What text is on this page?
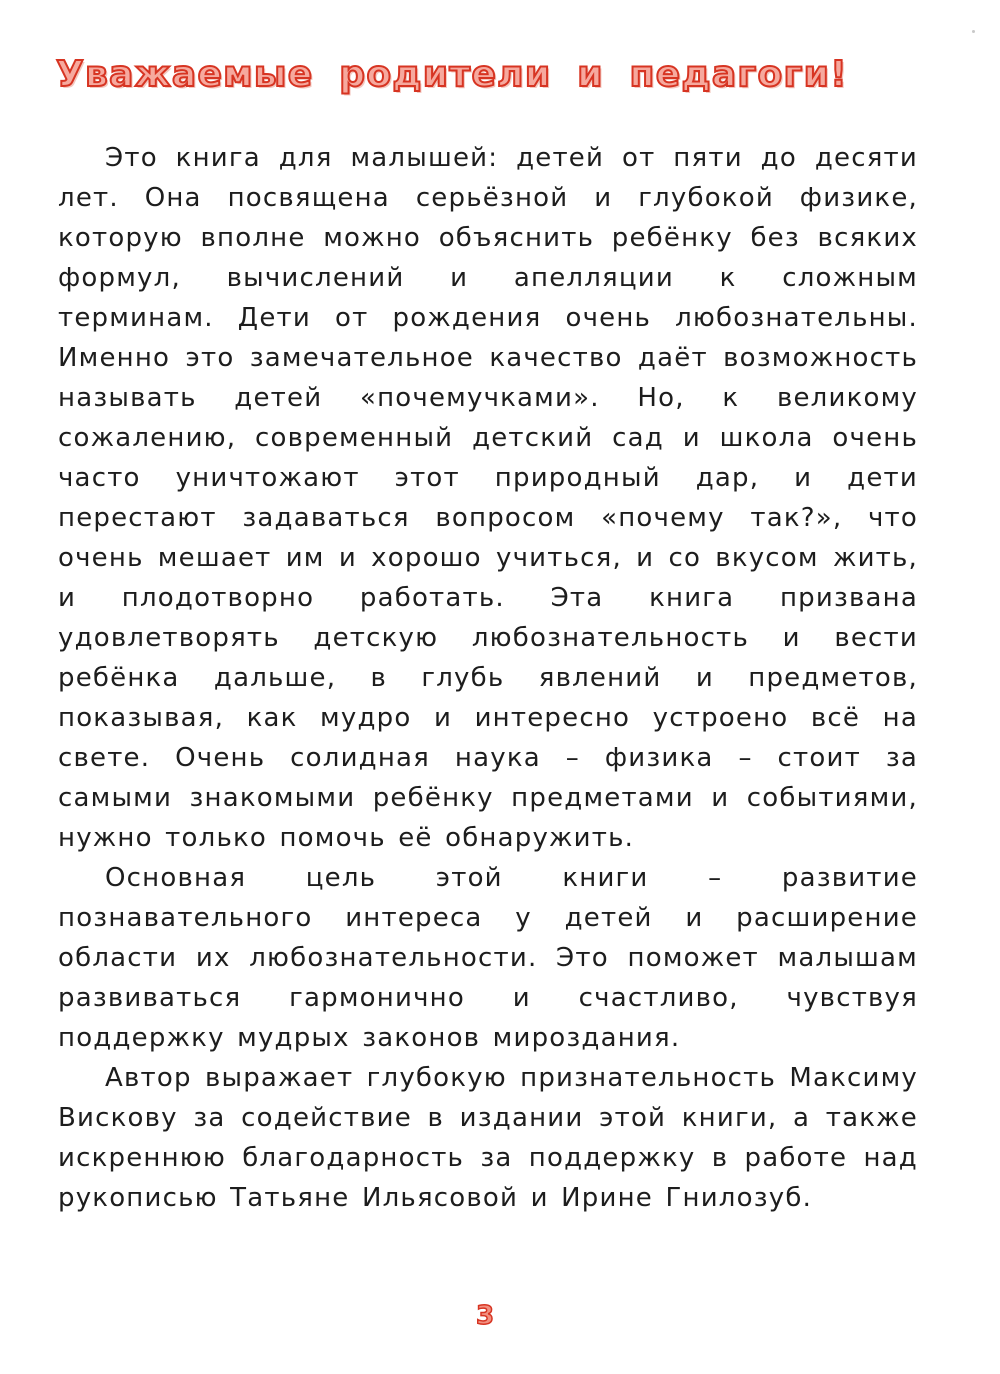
Уважаемые родители и педагоги!

Это книга для малышей: детей от пяти до десяти лет. Она посвящена серьёзной и глубокой физике, которую вполне можно объяснить ребёнку без всяких формул, вычислений и апелляции к сложным терминам. Дети от рождения очень любознательны. Именно это замечательное качество даёт возможность называть детей «почемучками». Но, к великому сожалению, современный детский сад и школа очень часто уничтожают этот природный дар, и дети перестают задаваться вопросом «почему так?», что очень мешает им и хорошо учиться, и со вкусом жить, и плодотворно работать. Эта книга призвана удовлетворять детскую любознательность и вести ребёнка дальше, в глубь явлений и предметов, показывая, как мудро и интересно устроено всё на свете. Очень солидная наука – физика – стоит за самыми знакомыми ребёнку предметами и событиями, нужно только помочь её обнаружить.

Основная цель этой книги – развитие познавательного интереса у детей и расширение области их любознательности. Это поможет малышам развиваться гармонично и счастливо, чувствуя поддержку мудрых законов мироздания.

Автор выражает глубокую признательность Максиму Вискову за содействие в издании этой книги, а также искреннюю благодарность за поддержку в работе над рукописью Татьяне Ильясовой и Ирине Гнилозуб.

3
